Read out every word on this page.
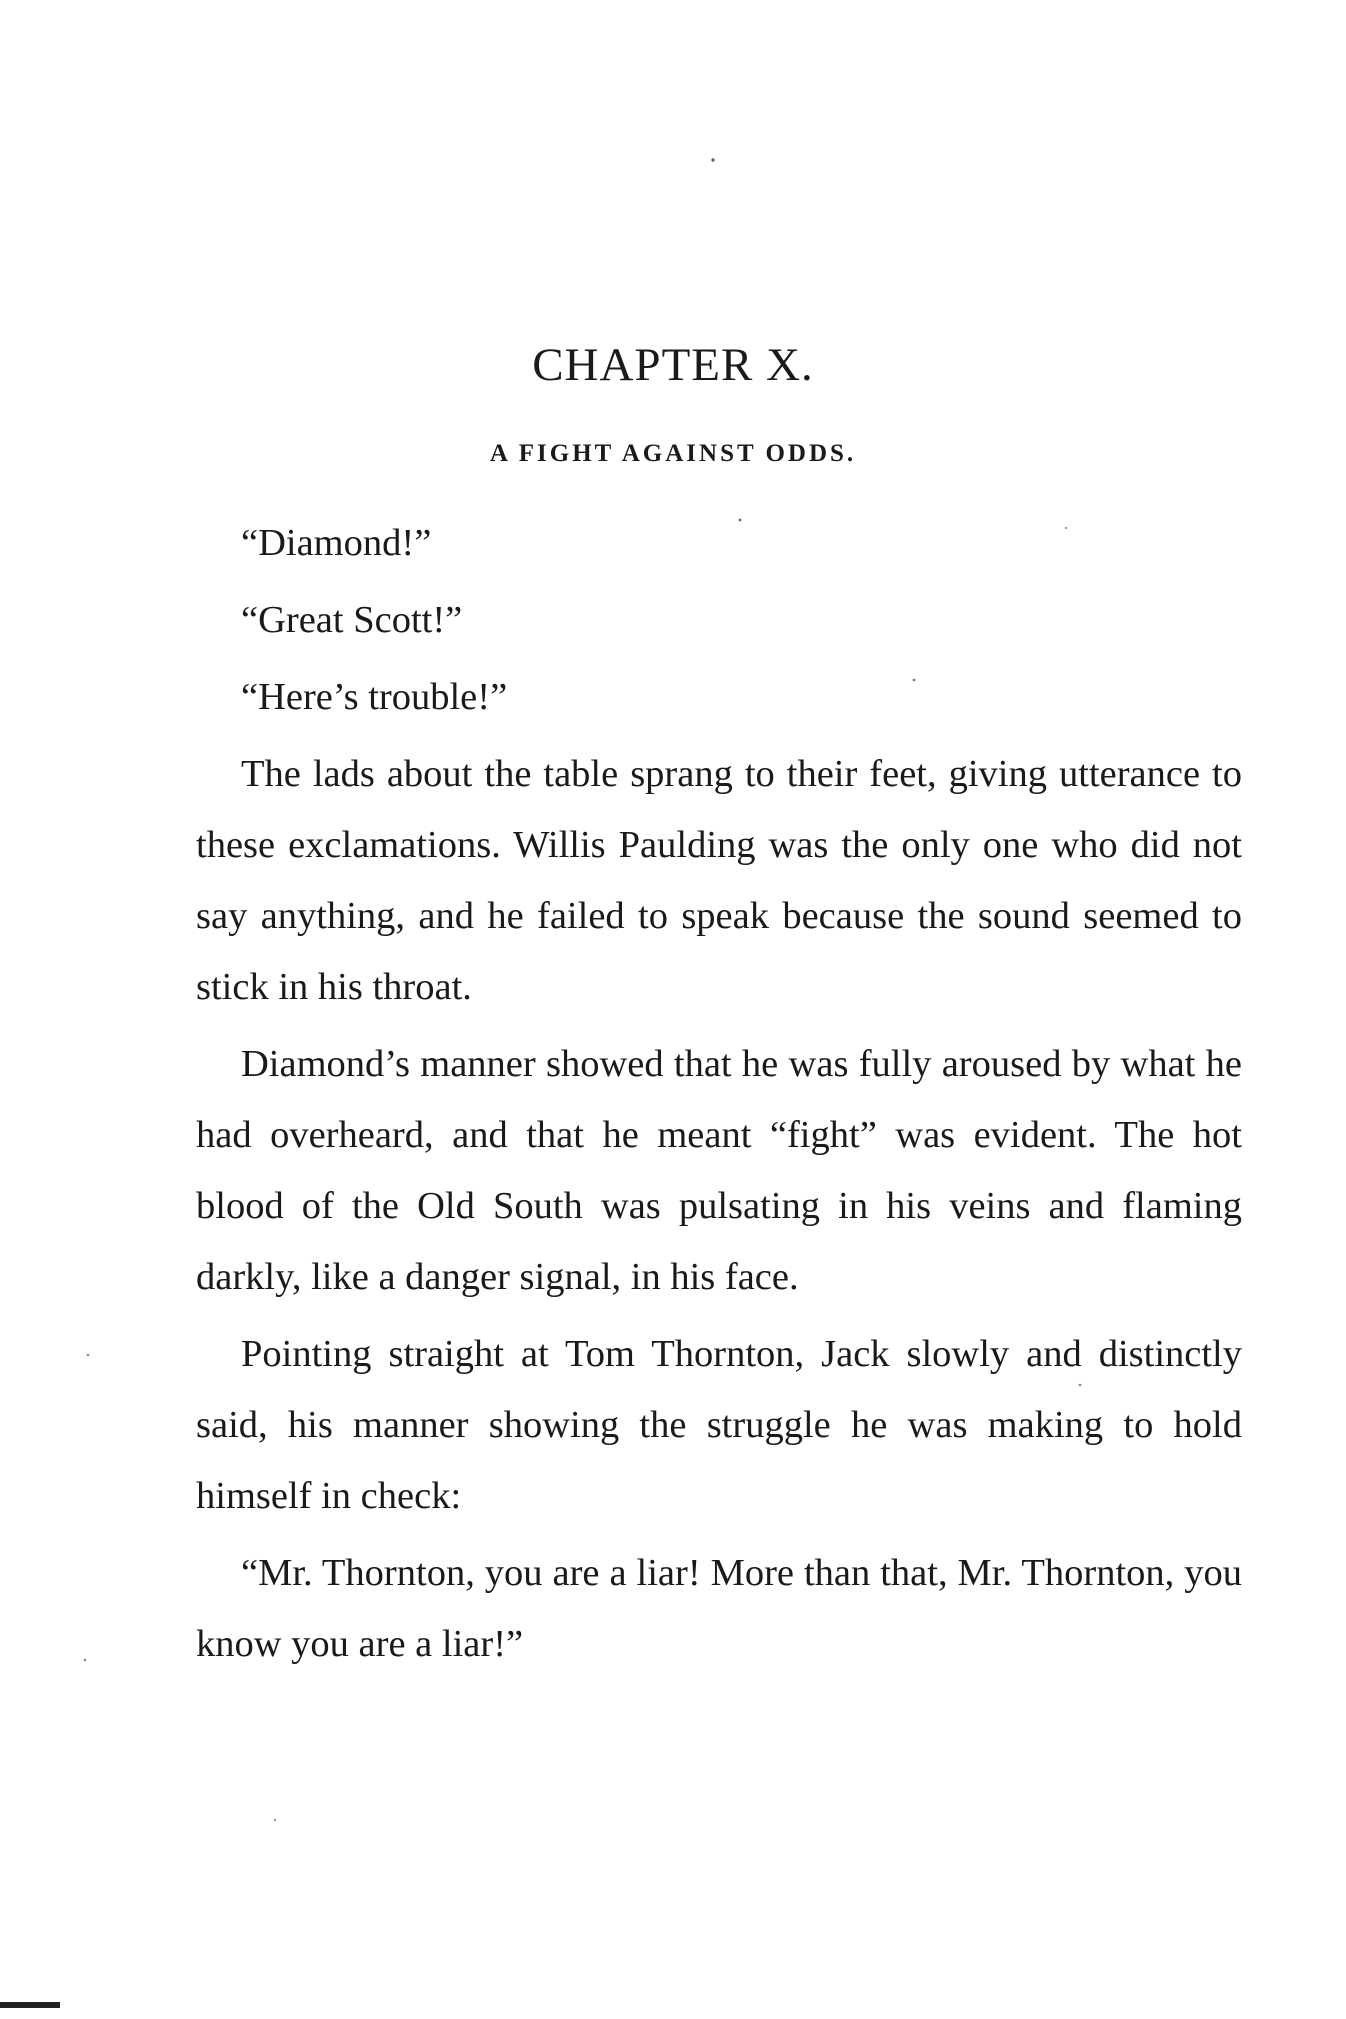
CHAPTER X.
A FIGHT AGAINST ODDS.

“Diamond!”

“Great Scott!”

“Here’s trouble!”

The lads about the table sprang to their feet, giving utterance to these exclamations. Willis Paulding was the only one who did not say anything, and he failed to speak because the sound seemed to stick in his throat.

Diamond’s manner showed that he was fully aroused by what he had overheard, and that he meant “fight” was evident. The hot blood of the Old South was pulsating in his veins and flaming darkly, like a danger signal, in his face.

Pointing straight at Tom Thornton, Jack slowly and distinctly said, his manner showing the struggle he was making to hold himself in check:

“Mr. Thornton, you are a liar! More than that, Mr. Thornton, you know you are a liar!”
